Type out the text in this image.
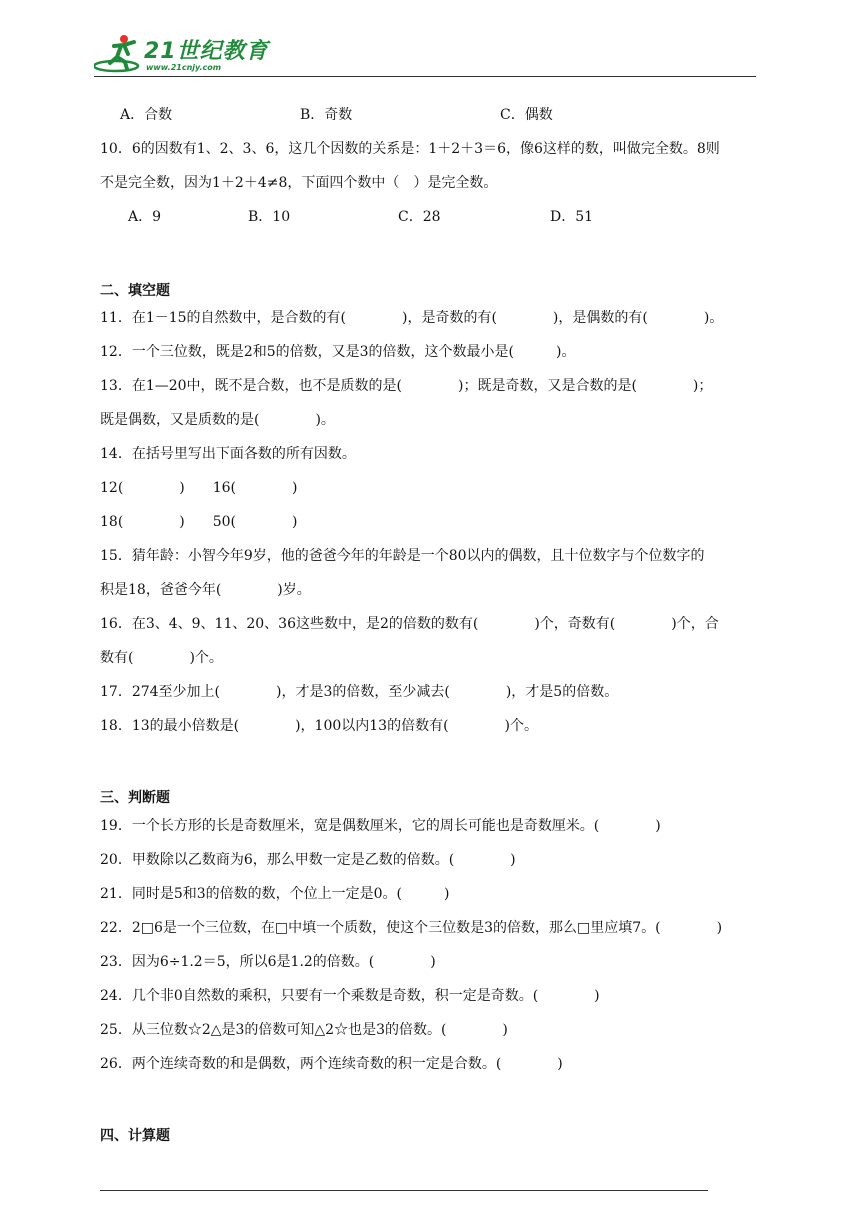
21世纪教育
www.21cnjy.com
A．合数	B．奇数	C．偶数
10．6的因数有1、2、3、6，这几个因数的关系是：1＋2＋3＝6，像6这样的数，叫做完全数。8则
不是完全数，因为1＋2＋4≠8，下面四个数中（　）是完全数。
A．9	B．10	C．28	D．51
二、填空题
11．在1－15的自然数中，是合数的有(　　　　)，是奇数的有(　　　　)，是偶数的有(　　　　)。
12．一个三位数，既是2和5的倍数，又是3的倍数，这个数最小是(　　　)。
13．在1—20中，既不是合数，也不是质数的是(　　　　)；既是奇数，又是合数的是(　　　　)；
既是偶数，又是质数的是(　　　　)。
14．在括号里写出下面各数的所有因数。
12(　　　　)　　16(　　　　)
18(　　　　)　　50(　　　　)
15．猜年龄：小智今年9岁，他的爸爸今年的年龄是一个80以内的偶数，且十位数字与个位数字的
积是18，爸爸今年(　　　　)岁。
16．在3、4、9、11、20、36这些数中，是2的倍数的数有(　　　　)个，奇数有(　　　　)个，合
数有(　　　　)个。
17．274至少加上(　　　　)，才是3的倍数，至少减去(　　　　)，才是5的倍数。
18．13的最小倍数是(　　　　)，100以内13的倍数有(　　　　)个。
三、判断题
19．一个长方形的长是奇数厘米，宽是偶数厘米，它的周长可能也是奇数厘米。(　　　　)
20．甲数除以乙数商为6，那么甲数一定是乙数的倍数。(　　　　)
21．同时是5和3的倍数的数，个位上一定是0。(　　　)
22．2□6是一个三位数，在□中填一个质数，使这个三位数是3的倍数，那么□里应填7。(　　　　)
23．因为6÷1.2＝5，所以6是1.2的倍数。(　　　　)
24．几个非0自然数的乘积，只要有一个乘数是奇数，积一定是奇数。(　　　　)
25．从三位数☆2△是3的倍数可知△2☆也是3的倍数。(　　　　)
26．两个连续奇数的和是偶数，两个连续奇数的积一定是合数。(　　　　)
四、计算题
